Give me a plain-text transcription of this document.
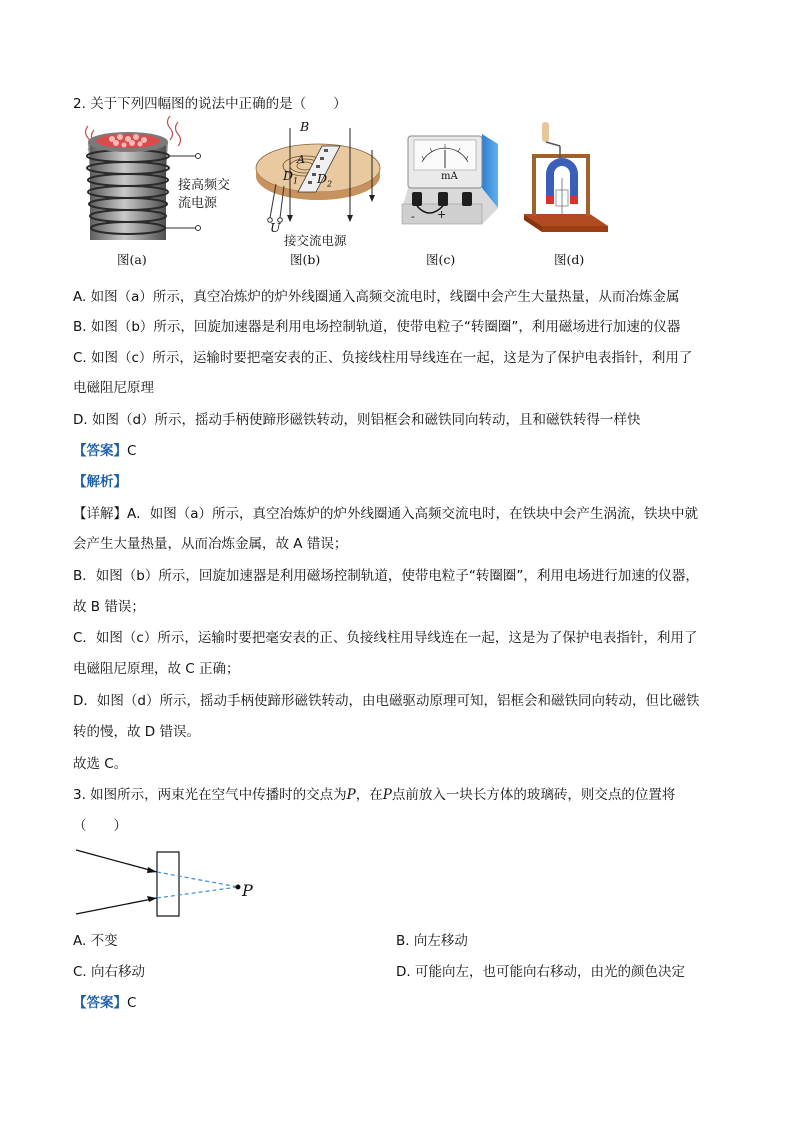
2. 关于下列四幅图的说法中正确的是（　　）
接高频交
流电源
图(a)
B
A
$D_1$ $D_2$
U
接交流电源
图(b)
mA
- +
图(c)	图(d)
A. 如图（a）所示，真空冶炼炉的炉外线圈通入高频交流电时，线圈中会产生大量热量，从而冶炼金属
B. 如图（b）所示，回旋加速器是利用电场控制轨道，使带电粒子“转圈圈”，利用磁场进行加速的仪器
C. 如图（c）所示，运输时要把毫安表的正、负接线柱用导线连在一起，这是为了保护电表指针，利用了
电磁阻尼原理
D. 如图（d）所示，摇动手柄使蹄形磁铁转动，则铝框会和磁铁同向转动，且和磁铁转得一样快
【答案】C
【解析】
【详解】A．如图（a）所示，真空冶炼炉的炉外线圈通入高频交流电时，在铁块中会产生涡流，铁块中就
会产生大量热量，从而冶炼金属，故 A 错误；
B．如图（b）所示，回旋加速器是利用磁场控制轨道，使带电粒子“转圈圈”，利用电场进行加速的仪器，
故 B 错误；
C．如图（c）所示，运输时要把毫安表的正、负接线柱用导线连在一起，这是为了保护电表指针，利用了
电磁阻尼原理，故 C 正确；
D．如图（d）所示，摇动手柄使蹄形磁铁转动，由电磁驱动原理可知，铝框会和磁铁同向转动，但比磁铁
转的慢，故 D 错误。
故选 C。
3. 如图所示，两束光在空气中传播时的交点为P，在P点前放入一块长方体的玻璃砖，则交点的位置将
（　　）
P
A. 不变	B. 向左移动
C. 向右移动	D. 可能向左，也可能向右移动，由光的颜色决定
【答案】C
